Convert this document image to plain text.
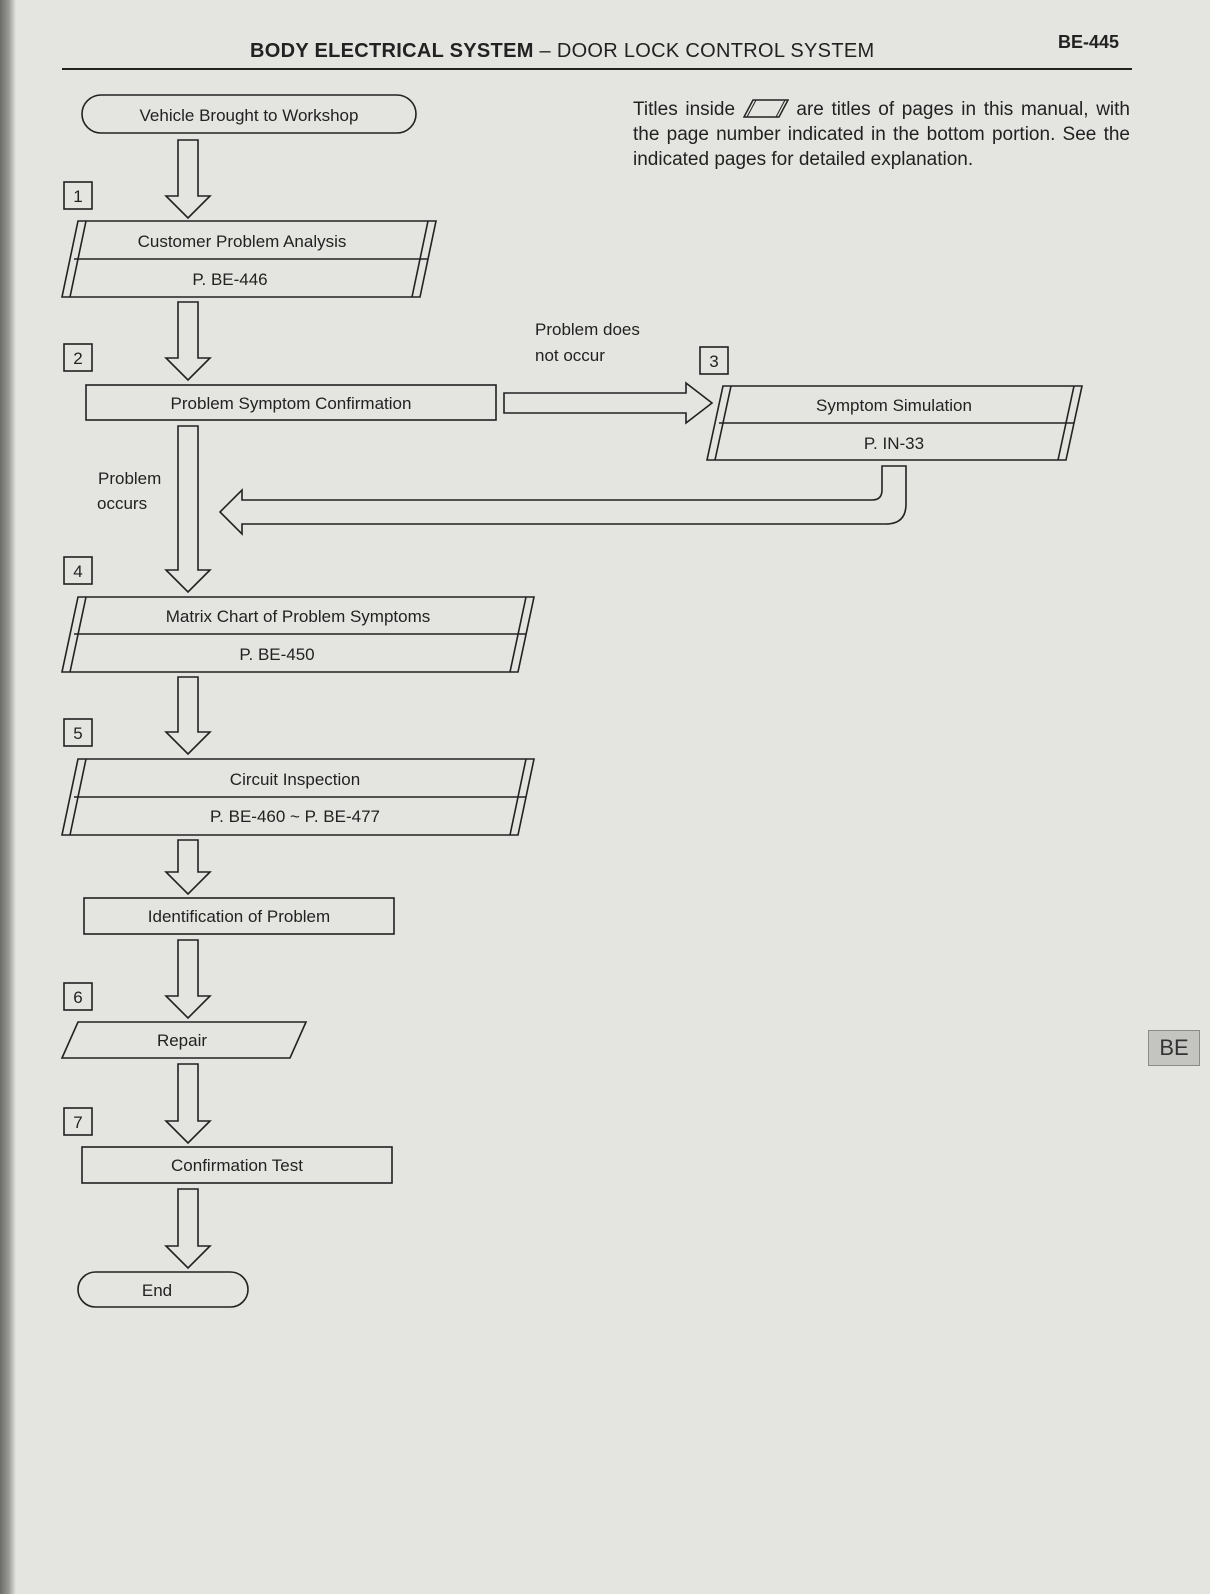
BODY ELECTRICAL SYSTEM – DOOR LOCK CONTROL SYSTEM	BE-445
Titles inside	are titles of pages in this manual, with the page number indicated in the bottom portion. See the indicated pages for detailed explanation.
BE
Vehicle Brought to Workshop
1
2	3
4
5
6
7
Customer Problem Analysis
P. BE-446
Problem Symptom Confirmation	Symptom Simulation
P. IN-33
Matrix Chart of Problem Symptoms
P. BE-450
Circuit Inspection
P. BE-460 ~ P. BE-477
Identification of Problem
Repair
Confirmation Test
End
Problem does
not occur
Problem
occurs
